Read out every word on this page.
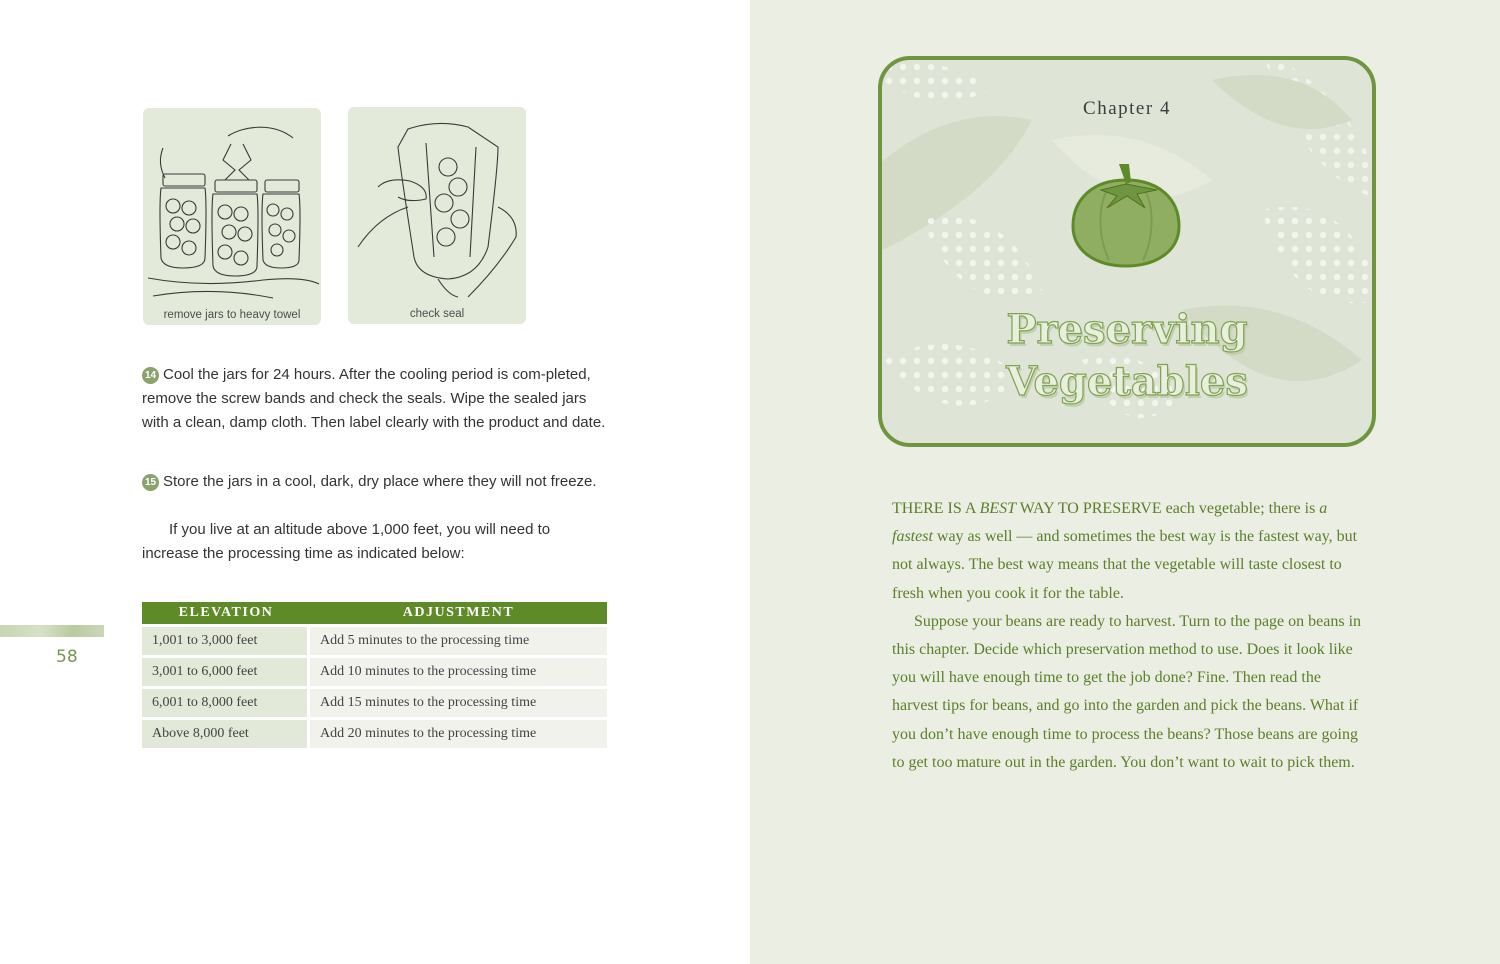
remove jars to heavy towel	check seal
14 Cool the jars for 24 hours. After the cooling period is com-pleted, remove the screw bands and check the seals. Wipe the sealed jars with a clean, damp cloth. Then label clearly with the product and date.
15 Store the jars in a cool, dark, dry place where they will not freeze.
If you live at an altitude above 1,000 feet, you will need to increase the processing time as indicated below:
ELEVATION	ADJUSTMENT
1,001 to 3,000 feet	Add 5 minutes to the processing time
3,001 to 6,000 feet	Add 10 minutes to the processing time
6,001 to 8,000 feet	Add 15 minutes to the processing time
Above 8,000 feet	Add 20 minutes to the processing time
58
Chapter 4
Preserving
Vegetables

THERE IS A BEST WAY TO PRESERVE each vegetable; there is a fastest way as well — and sometimes the best way is the fastest way, but not always. The best way means that the vegetable will taste closest to fresh when you cook it for the table.

Suppose your beans are ready to harvest. Turn to the page on beans in this chapter. Decide which preservation method to use. Does it look like you will have enough time to get the job done? Fine. Then read the harvest tips for beans, and go into the garden and pick the beans. What if you don’t have enough time to process the beans? Those beans are going to get too mature out in the garden. You don’t want to wait to pick them.
